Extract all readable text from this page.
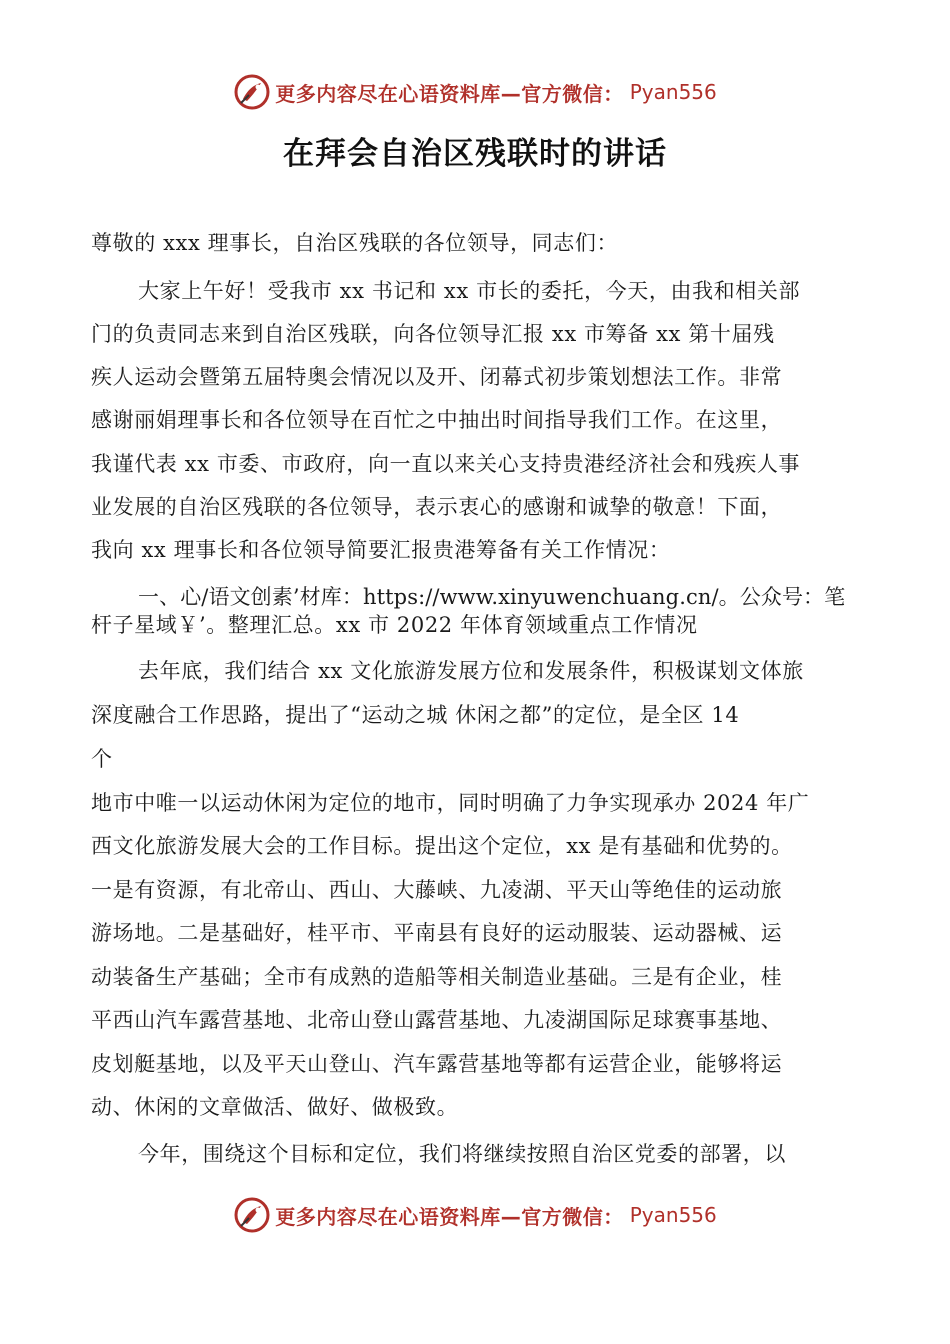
更多内容尽在心语资料库—官方微信： Pyan556
在拜会自治区残联时的讲话
尊敬的 xxx 理事长，自治区残联的各位领导，同志们：
大家上午好！受我市 xx 书记和 xx 市长的委托，今天，由我和相关部
门的负责同志来到自治区残联，向各位领导汇报 xx 市筹备 xx 第十届残
疾人运动会暨第五届特奥会情况以及开、闭幕式初步策划想法工作。非常
感谢丽娟理事长和各位领导在百忙之中抽出时间指导我们工作。在这里，
我谨代表 xx 市委、市政府，向一直以来关心支持贵港经济社会和残疾人事
业发展的自治区残联的各位领导，表示衷心的感谢和诚挚的敬意！下面，
我向 xx 理事长和各位领导简要汇报贵港筹备有关工作情况：
一、心/语文创素’材库：https://www.xinyuwenchuang.cn/。公众号：笔
杆子星域￥’。整理汇总。xx 市 2022 年体育领域重点工作情况
去年底，我们结合 xx 文化旅游发展方位和发展条件，积极谋划文体旅
深度融合工作思路，提出了“运动之城 休闲之都”的定位，是全区 14
个
地市中唯一以运动休闲为定位的地市，同时明确了力争实现承办 2024 年广
西文化旅游发展大会的工作目标。提出这个定位，xx 是有基础和优势的。
一是有资源，有北帝山、西山、大藤峡、九凌湖、平天山等绝佳的运动旅
游场地。二是基础好，桂平市、平南县有良好的运动服装、运动器械、运
动装备生产基础；全市有成熟的造船等相关制造业基础。三是有企业，桂
平西山汽车露营基地、北帝山登山露营基地、九凌湖国际足球赛事基地、
皮划艇基地，以及平天山登山、汽车露营基地等都有运营企业，能够将运
动、休闲的文章做活、做好、做极致。
今年，围绕这个目标和定位，我们将继续按照自治区党委的部署，以
更多内容尽在心语资料库—官方微信： Pyan556
